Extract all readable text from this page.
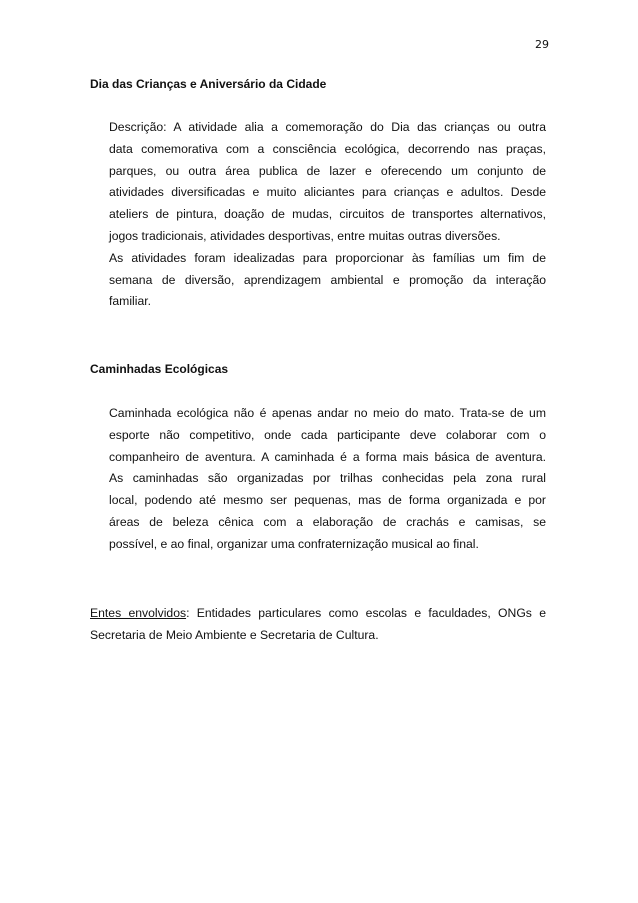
29
Dia das Crianças e Aniversário da Cidade
Descrição: A atividade alia a comemoração do Dia das crianças ou outra
data comemorativa com a consciência ecológica, decorrendo nas praças,
parques, ou outra área publica de lazer e oferecendo um conjunto de
atividades diversificadas e muito aliciantes para crianças e adultos. Desde
ateliers de pintura, doação de mudas, circuitos de transportes alternativos,
jogos tradicionais, atividades desportivas, entre muitas outras diversões.
As atividades foram idealizadas para proporcionar às famílias um fim de
semana de diversão, aprendizagem ambiental e promoção da interação
familiar.
Caminhadas Ecológicas
Caminhada ecológica não é apenas andar no meio do mato. Trata-se de um
esporte não competitivo, onde cada participante deve colaborar com o
companheiro de aventura. A caminhada é a forma mais básica de aventura.
As caminhadas são organizadas por trilhas conhecidas pela zona rural
local, podendo até mesmo ser pequenas, mas de forma organizada e por
áreas de beleza cênica com a elaboração de crachás e camisas, se
possível, e ao final, organizar uma confraternização musical ao final.
Entes envolvidos: Entidades particulares como escolas e faculdades, ONGs e
Secretaria de Meio Ambiente e Secretaria de Cultura.
